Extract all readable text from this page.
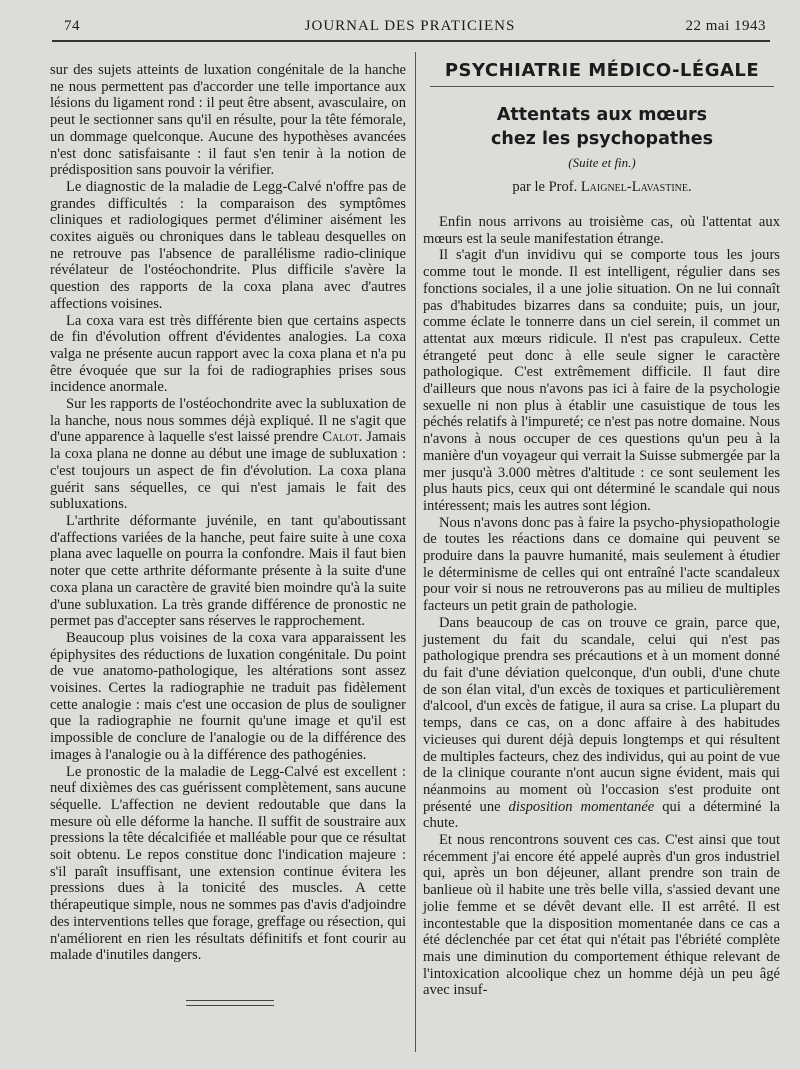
74	JOURNAL DES PRATICIENS	22 mai 1943

sur des sujets atteints de luxation congénitale de la hanche ne nous permettent pas d'accorder une telle importance aux lésions du ligament rond : il peut être absent, avasculaire, on peut le sectionner sans qu'il en résulte, pour la tête fémorale, un dommage quelconque. Aucune des hypothèses avancées n'est donc satisfaisante : il faut s'en tenir à la notion de prédisposition sans pouvoir la vérifier.

Le diagnostic de la maladie de Legg-Calvé n'offre pas de grandes difficultés : la comparaison des symptômes cliniques et radiologiques permet d'éliminer aisément les coxites aiguës ou chroniques dans le tableau desquelles on ne retrouve pas l'absence de parallélisme radio-clinique révélateur de l'ostéochondrite. Plus difficile s'avère la question des rapports de la coxa plana avec d'autres affections voisines.

La coxa vara est très différente bien que certains aspects de fin d'évolution offrent d'évidentes analogies. La coxa valga ne présente aucun rapport avec la coxa plana et n'a pu être évoquée que sur la foi de radiographies prises sous incidence anormale.

Sur les rapports de l'ostéochondrite avec la subluxation de la hanche, nous nous sommes déjà expliqué. Il ne s'agit que d'une apparence à laquelle s'est laissé prendre Calot. Jamais la coxa plana ne donne au début une image de subluxation : c'est toujours un aspect de fin d'évolution. La coxa plana guérit sans séquelles, ce qui n'est jamais le fait des subluxations.

L'arthrite déformante juvénile, en tant qu'aboutissant d'affections variées de la hanche, peut faire suite à une coxa plana avec laquelle on pourra la confondre. Mais il faut bien noter que cette arthrite déformante présente à la suite d'une coxa plana un caractère de gravité bien moindre qu'à la suite d'une subluxation. La très grande différence de pronostic ne permet pas d'accepter sans réserves le rapprochement.

Beaucoup plus voisines de la coxa vara apparaissent les épiphysites des réductions de luxation congénitale. Du point de vue anatomo-pathologique, les altérations sont assez voisines. Certes la radiographie ne traduit pas fidèlement cette analogie : mais c'est une occasion de plus de souligner que la radiographie ne fournit qu'une image et qu'il est impossible de conclure de l'analogie ou de la différence des images à l'analogie ou à la différence des pathogénies.

Le pronostic de la maladie de Legg-Calvé est excellent : neuf dixièmes des cas guérissent complètement, sans aucune séquelle. L'affection ne devient redoutable que dans la mesure où elle déforme la hanche. Il suffit de soustraire aux pressions la tête décalcifiée et malléable pour que ce résultat soit obtenu. Le repos constitue donc l'indication majeure : s'il paraît insuffisant, une extension continue évitera les pressions dues à la tonicité des muscles. A cette thérapeutique simple, nous ne sommes pas d'avis d'adjoindre des interventions telles que forage, greffage ou résection, qui n'améliorent en rien les résultats définitifs et font courir au malade d'inutiles dangers.

PSYCHIATRIE MÉDICO-LÉGALE
Attentats aux mœurs
chez les psychopathes
(Suite et fin.)
par le Prof. Laignel-Lavastine.

Enfin nous arrivons au troisième cas, où l'attentat aux mœurs est la seule manifestation étrange.

Il s'agit d'un invidivu qui se comporte tous les jours comme tout le monde. Il est intelligent, régulier dans ses fonctions sociales, il a une jolie situation. On ne lui connaît pas d'habitudes bizarres dans sa conduite; puis, un jour, comme éclate le tonnerre dans un ciel serein, il commet un attentat aux mœurs ridicule. Il n'est pas crapuleux. Cette étrangeté peut donc à elle seule signer le caractère pathologique. C'est extrêmement difficile. Il faut dire d'ailleurs que nous n'avons pas ici à faire de la psychologie sexuelle ni non plus à établir une casuistique de tous les péchés relatifs à l'impureté; ce n'est pas notre domaine. Nous n'avons à nous occuper de ces questions qu'un peu à la manière d'un voyageur qui verrait la Suisse submergée par la mer jusqu'à 3.000 mètres d'altitude : ce sont seulement les plus hauts pics, ceux qui ont déterminé le scandale qui nous intéressent; mais les autres sont légion.

Nous n'avons donc pas à faire la psycho-physiopathologie de toutes les réactions dans ce domaine qui peuvent se produire dans la pauvre humanité, mais seulement à étudier le déterminisme de celles qui ont entraîné l'acte scandaleux pour voir si nous ne retrouverons pas au milieu de multiples facteurs un petit grain de pathologie.

Dans beaucoup de cas on trouve ce grain, parce que, justement du fait du scandale, celui qui n'est pas pathologique prendra ses précautions et à un moment donné du fait d'une déviation quelconque, d'un oubli, d'une chute de son élan vital, d'un excès de toxiques et particulièrement d'alcool, d'un excès de fatigue, il aura sa crise. La plupart du temps, dans ce cas, on a donc affaire à des habitudes vicieuses qui durent déjà depuis longtemps et qui résultent de multiples facteurs, chez des individus, qui au point de vue de la clinique courante n'ont aucun signe évident, mais qui néanmoins au moment où l'occasion s'est produite ont présenté une disposition momentanée qui a déterminé la chute.

Et nous rencontrons souvent ces cas. C'est ainsi que tout récemment j'ai encore été appelé auprès d'un gros industriel qui, après un bon déjeuner, allant prendre son train de banlieue où il habite une très belle villa, s'assied devant une jolie femme et se dévêt devant elle. Il est arrêté. Il est incontestable que la disposition momentanée dans ce cas a été déclenchée par cet état qui n'était pas l'ébriété complète mais une diminution du comportement éthique relevant de l'intoxication alcoolique chez un homme déjà un peu âgé avec insuf-
